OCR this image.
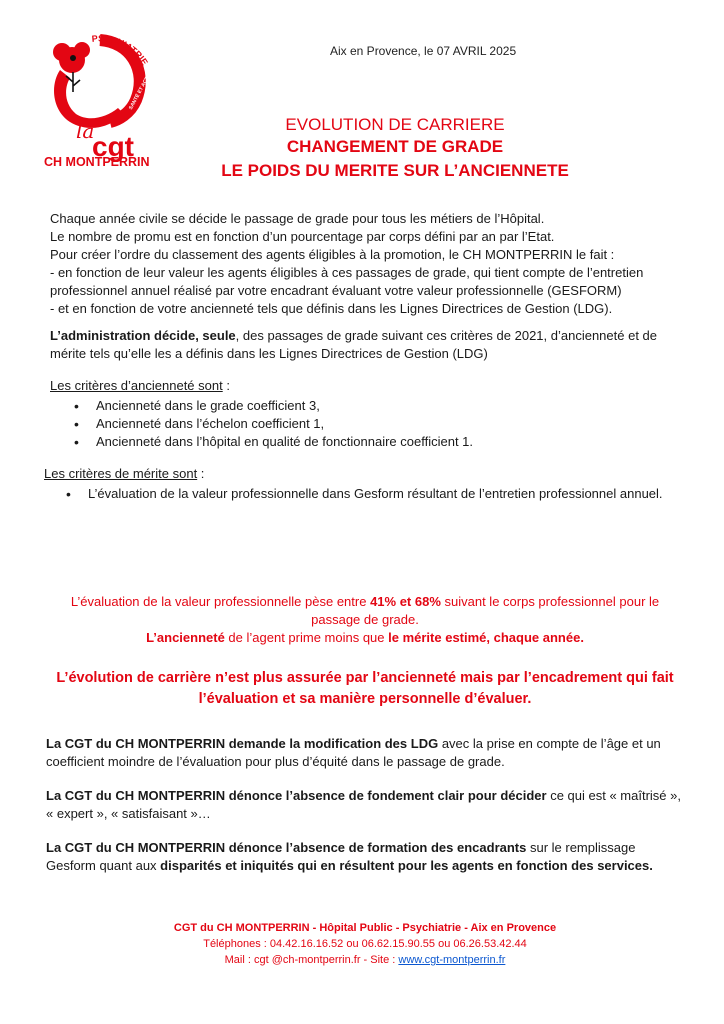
PSYCHIATRIE
SANTÉ ET ACTION SOCIALE
la
cgt
CH MONTPERRIN
Aix en Provence, le 07 AVRIL 2025
EVOLUTION DE CARRIERE
CHANGEMENT DE GRADE
LE POIDS DU MERITE SUR L’ANCIENNETE

Chaque année civile se décide le passage de grade pour tous les métiers de l’Hôpital.

Le nombre de promu est en fonction d’un pourcentage par corps défini par an par l’Etat.

Pour créer l’ordre du classement des agents éligibles à la promotion, le CH MONTPERRIN le fait :

- en fonction de leur valeur les agents éligibles à ces passages de grade, qui tient compte de l’entretien professionnel annuel réalisé par votre encadrant évaluant votre valeur professionnelle (GESFORM)

- et en fonction de votre ancienneté tels que définis dans les Lignes Directrices de Gestion (LDG).

L’administration décide, seule, des passages de grade suivant ces critères de 2021, d’ancienneté et de mérite tels qu’elle les a définis dans les Lignes Directrices de Gestion (LDG)

Les critères d’ancienneté sont :

• Ancienneté dans le grade coefficient 3,
• Ancienneté dans l’échelon coefficient 1,
• Ancienneté dans l’hôpital en qualité de fonctionnaire coefficient 1.

Les critères de mérite sont :

• L’évaluation de la valeur professionnelle dans Gesform résultant de l’entretien professionnel annuel.
L’évaluation de la valeur professionnelle pèse entre 41% et 68% suivant le corps professionnel pour le passage de grade.
L’ancienneté de l’agent prime moins que le mérite estimé, chaque année.
L’évolution de carrière n’est plus assurée par l’ancienneté mais par l’encadrement qui fait l’évaluation et sa manière personnelle d’évaluer.

La CGT du CH MONTPERRIN demande la modification des LDG avec la prise en compte de l’âge et un coefficient moindre de l’évaluation pour plus d’équité dans le passage de grade.

La CGT du CH MONTPERRIN dénonce l’absence de fondement clair pour décider ce qui est « maîtrisé », « expert », « satisfaisant »…

La CGT du CH MONTPERRIN dénonce l’absence de formation des encadrants sur le remplissage Gesform quant aux disparités et iniquités qui en résultent pour les agents en fonction des services.

CGT du CH MONTPERRIN - Hôpital Public - Psychiatrie - Aix en Provence
Téléphones : 04.42.16.16.52 ou 06.62.15.90.55 ou 06.26.53.42.44
Mail : cgt @ch-montperrin.fr - Site : www.cgt-montperrin.fr
